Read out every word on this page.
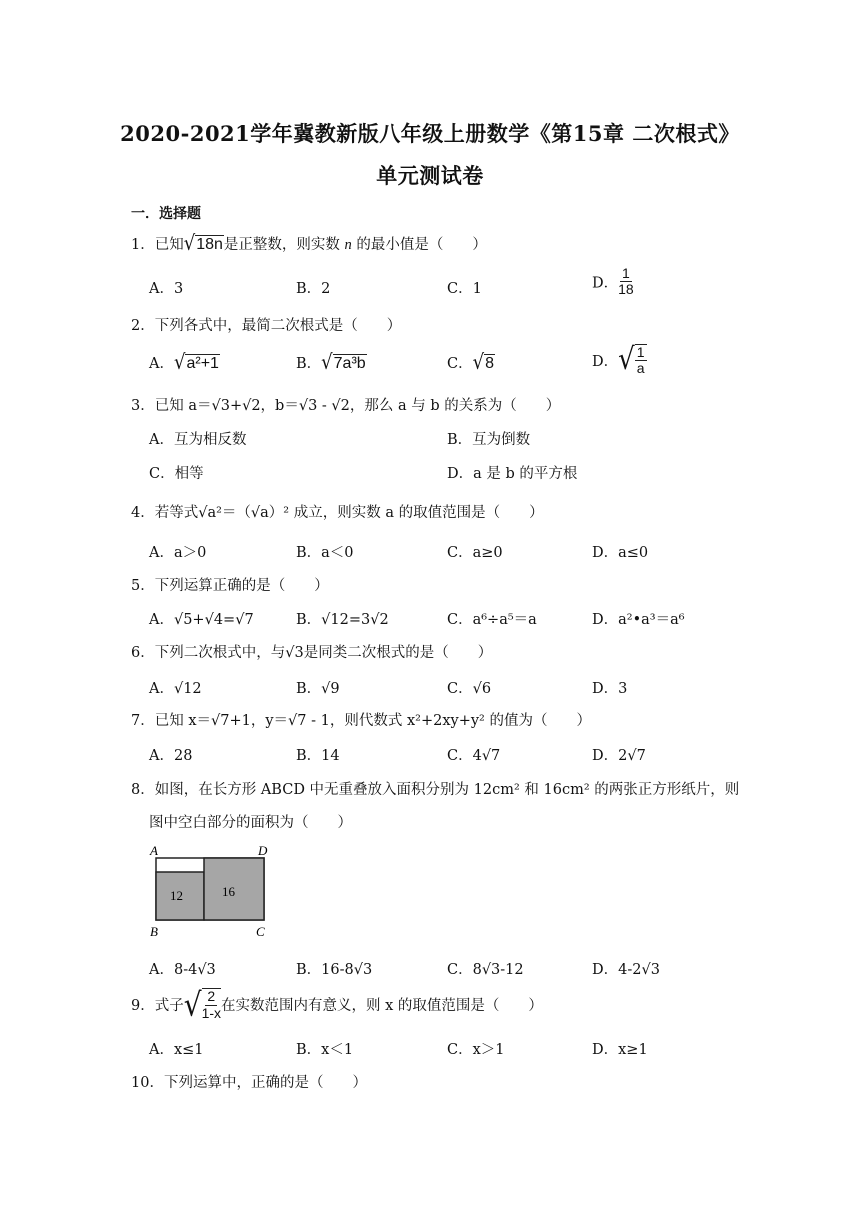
2020-2021学年冀教新版八年级上册数学《第15章 二次根式》
单元测试卷
一．选择题
1．已知√18n是正整数，则实数 n 的最小值是（　　）
A．3	B．2	C．1	D． $\frac{1}{18}$
2．下列各式中，最简二次根式是（　　）
A．√a²+1	B．√7a³b	C．√8	D．√ $\frac{1}{a}$
3．已知 a＝√3+√2，b＝√3 - √2，那么 a 与 b 的关系为（　　）
A．互为相反数	B．互为倒数
C．相等	D．a 是 b 的平方根
4．若等式√a²＝（√a）² 成立，则实数 a 的取值范围是（　　）
A．a＞0	B．a＜0	C．a≥0	D．a≤0
5．下列运算正确的是（　　）
A．√5+√4=√7	B．√12=3√2	C．a⁶÷a⁵＝a	D．a²•a³＝a⁶
6．下列二次根式中，与√3是同类二次根式的是（　　）
A．√12	B．√9	C．√6	D．3
7．已知 x＝√7+1，y＝√7 - 1，则代数式 x²+2xy+y² 的值为（　　）
A．28	B．14	C．4√7	D．2√7
8．如图，在长方形 ABCD 中无重叠放入面积分别为 12cm² 和 16cm² 的两张正方形纸片，则
图中空白部分的面积为（　　）
A	D
B	C
12	16
A．8-4√3	B．16-8√3	C．8√3-12	D．4-2√3
9．式子√ $\frac{2}{1-x}$ 在实数范围内有意义，则 x 的取值范围是（　　）
A．x≤1	B．x＜1	C．x＞1	D．x≥1
10．下列运算中，正确的是（　　）
